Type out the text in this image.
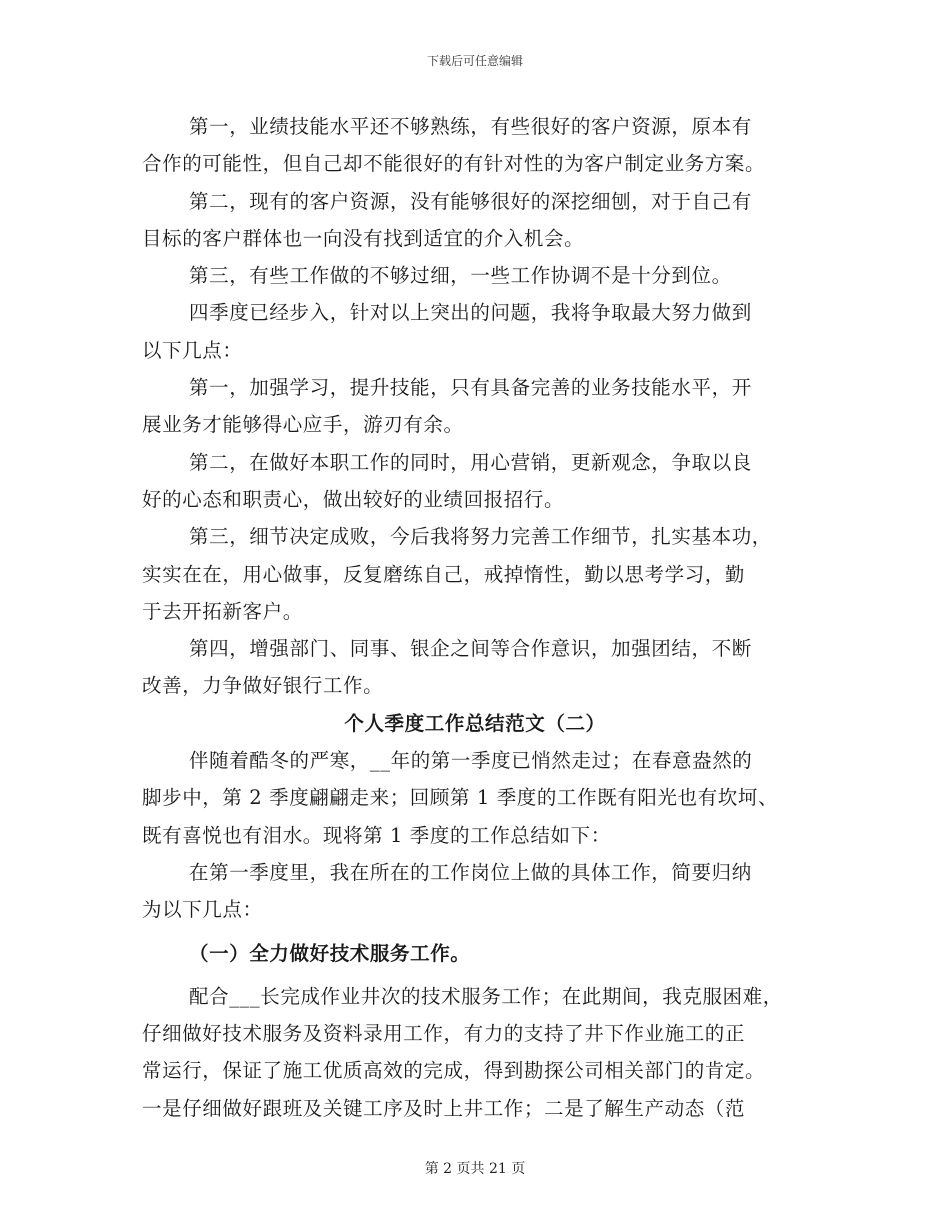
下载后可任意编辑
第一，业绩技能水平还不够熟练，有些很好的客户资源，原本有
合作的可能性，但自己却不能很好的有针对性的为客户制定业务方案。
第二，现有的客户资源，没有能够很好的深挖细刨，对于自己有
目标的客户群体也一向没有找到适宜的介入机会。
第三，有些工作做的不够过细，一些工作协调不是十分到位。
四季度已经步入，针对以上突出的问题，我将争取最大努力做到
以下几点：
第一，加强学习，提升技能，只有具备完善的业务技能水平，开
展业务才能够得心应手，游刃有余。
第二，在做好本职工作的同时，用心营销，更新观念，争取以良
好的心态和职责心，做出较好的业绩回报招行。
第三，细节决定成败，今后我将努力完善工作细节，扎实基本功，
实实在在，用心做事，反复磨练自己，戒掉惰性，勤以思考学习，勤
于去开拓新客户。
第四，增强部门、同事、银企之间等合作意识，加强团结，不断
改善，力争做好银行工作。
个人季度工作总结范文（二）
伴随着酷冬的严寒，__年的第一季度已悄然走过；在春意盎然的
脚步中，第 2 季度翩翩走来；回顾第 1 季度的工作既有阳光也有坎坷、
既有喜悦也有泪水。现将第 1 季度的工作总结如下：
在第一季度里，我在所在的工作岗位上做的具体工作，简要归纳
为以下几点：
（一）全力做好技术服务工作。
配合___长完成作业井次的技术服务工作；在此期间，我克服困难，
仔细做好技术服务及资料录用工作，有力的支持了井下作业施工的正
常运行，保证了施工优质高效的完成，得到勘探公司相关部门的肯定。
一是仔细做好跟班及关键工序及时上井工作；二是了解生产动态（范
第 2 页共 21 页
